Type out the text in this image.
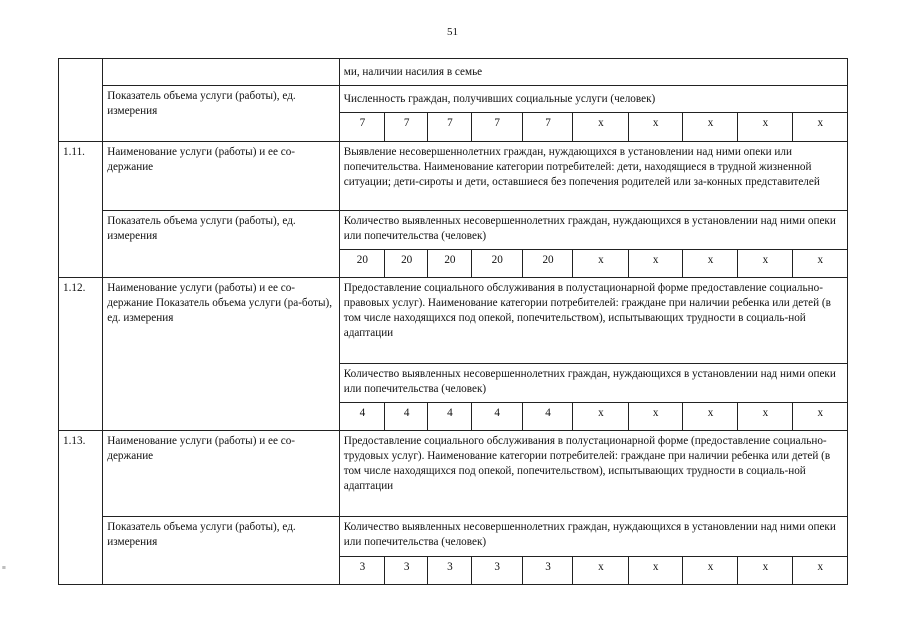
51
		ми, наличии насилия в семье									
	Показатель объема услуги (работы), ед. измерения	Численность граждан, получивших социальные услуги (человек)									
		7	7	7	7	7	x	x	x	x	x
1.11.	Наименование услуги (работы) и ее со-держание	Выявление несовершеннолетних граждан, нуждающихся в установлении над ними опеки или попечительства. Наименование категории потребителей: дети, находящиеся в трудной жизненной ситуации; дети-сироты и дети, оставшиеся без попечения родителей или за-конных представителей									
	Показатель объема услуги (работы), ед. измерения	Количество выявленных несовершеннолетних граждан, нуждающихся в установлении над ними опеки или попечительства (человек)									
		20	20	20	20	20	x	x	x	x	x
1.12.	Наименование услуги (работы) и ее со-держание Показатель объема услуги (ра-боты), ед. измерения	Предоставление социального обслуживания в полустационарной форме предоставление социально-правовых услуг). Наименование категории потребителей: граждане при наличии ребенка или детей (в том числе находящихся под опекой, попечительством), испытывающих трудности в социаль-ной адаптации									
		Количество выявленных несовершеннолетних граждан, нуждающихся в установлении над ними опеки или попечительства (человек)									
		4	4	4	4	4	x	x	x	x	x
1.13.	Наименование услуги (работы) и ее со-держание	Предоставление социального обслуживания в полустационарной форме (предоставление социально-трудовых услуг). Наименование категории потребителей: граждане при наличии ребенка или детей (в том числе находящихся под опекой, попечительством), испытывающих трудности в социаль-ной адаптации									
	Показатель объема услуги (работы), ед. измерения	Количество выявленных несовершеннолетних граждан, нуждающихся в установлении над ними опеки или попечительства (человек)									
		3	3	3	3	3	x	x	x	x	x
≡
